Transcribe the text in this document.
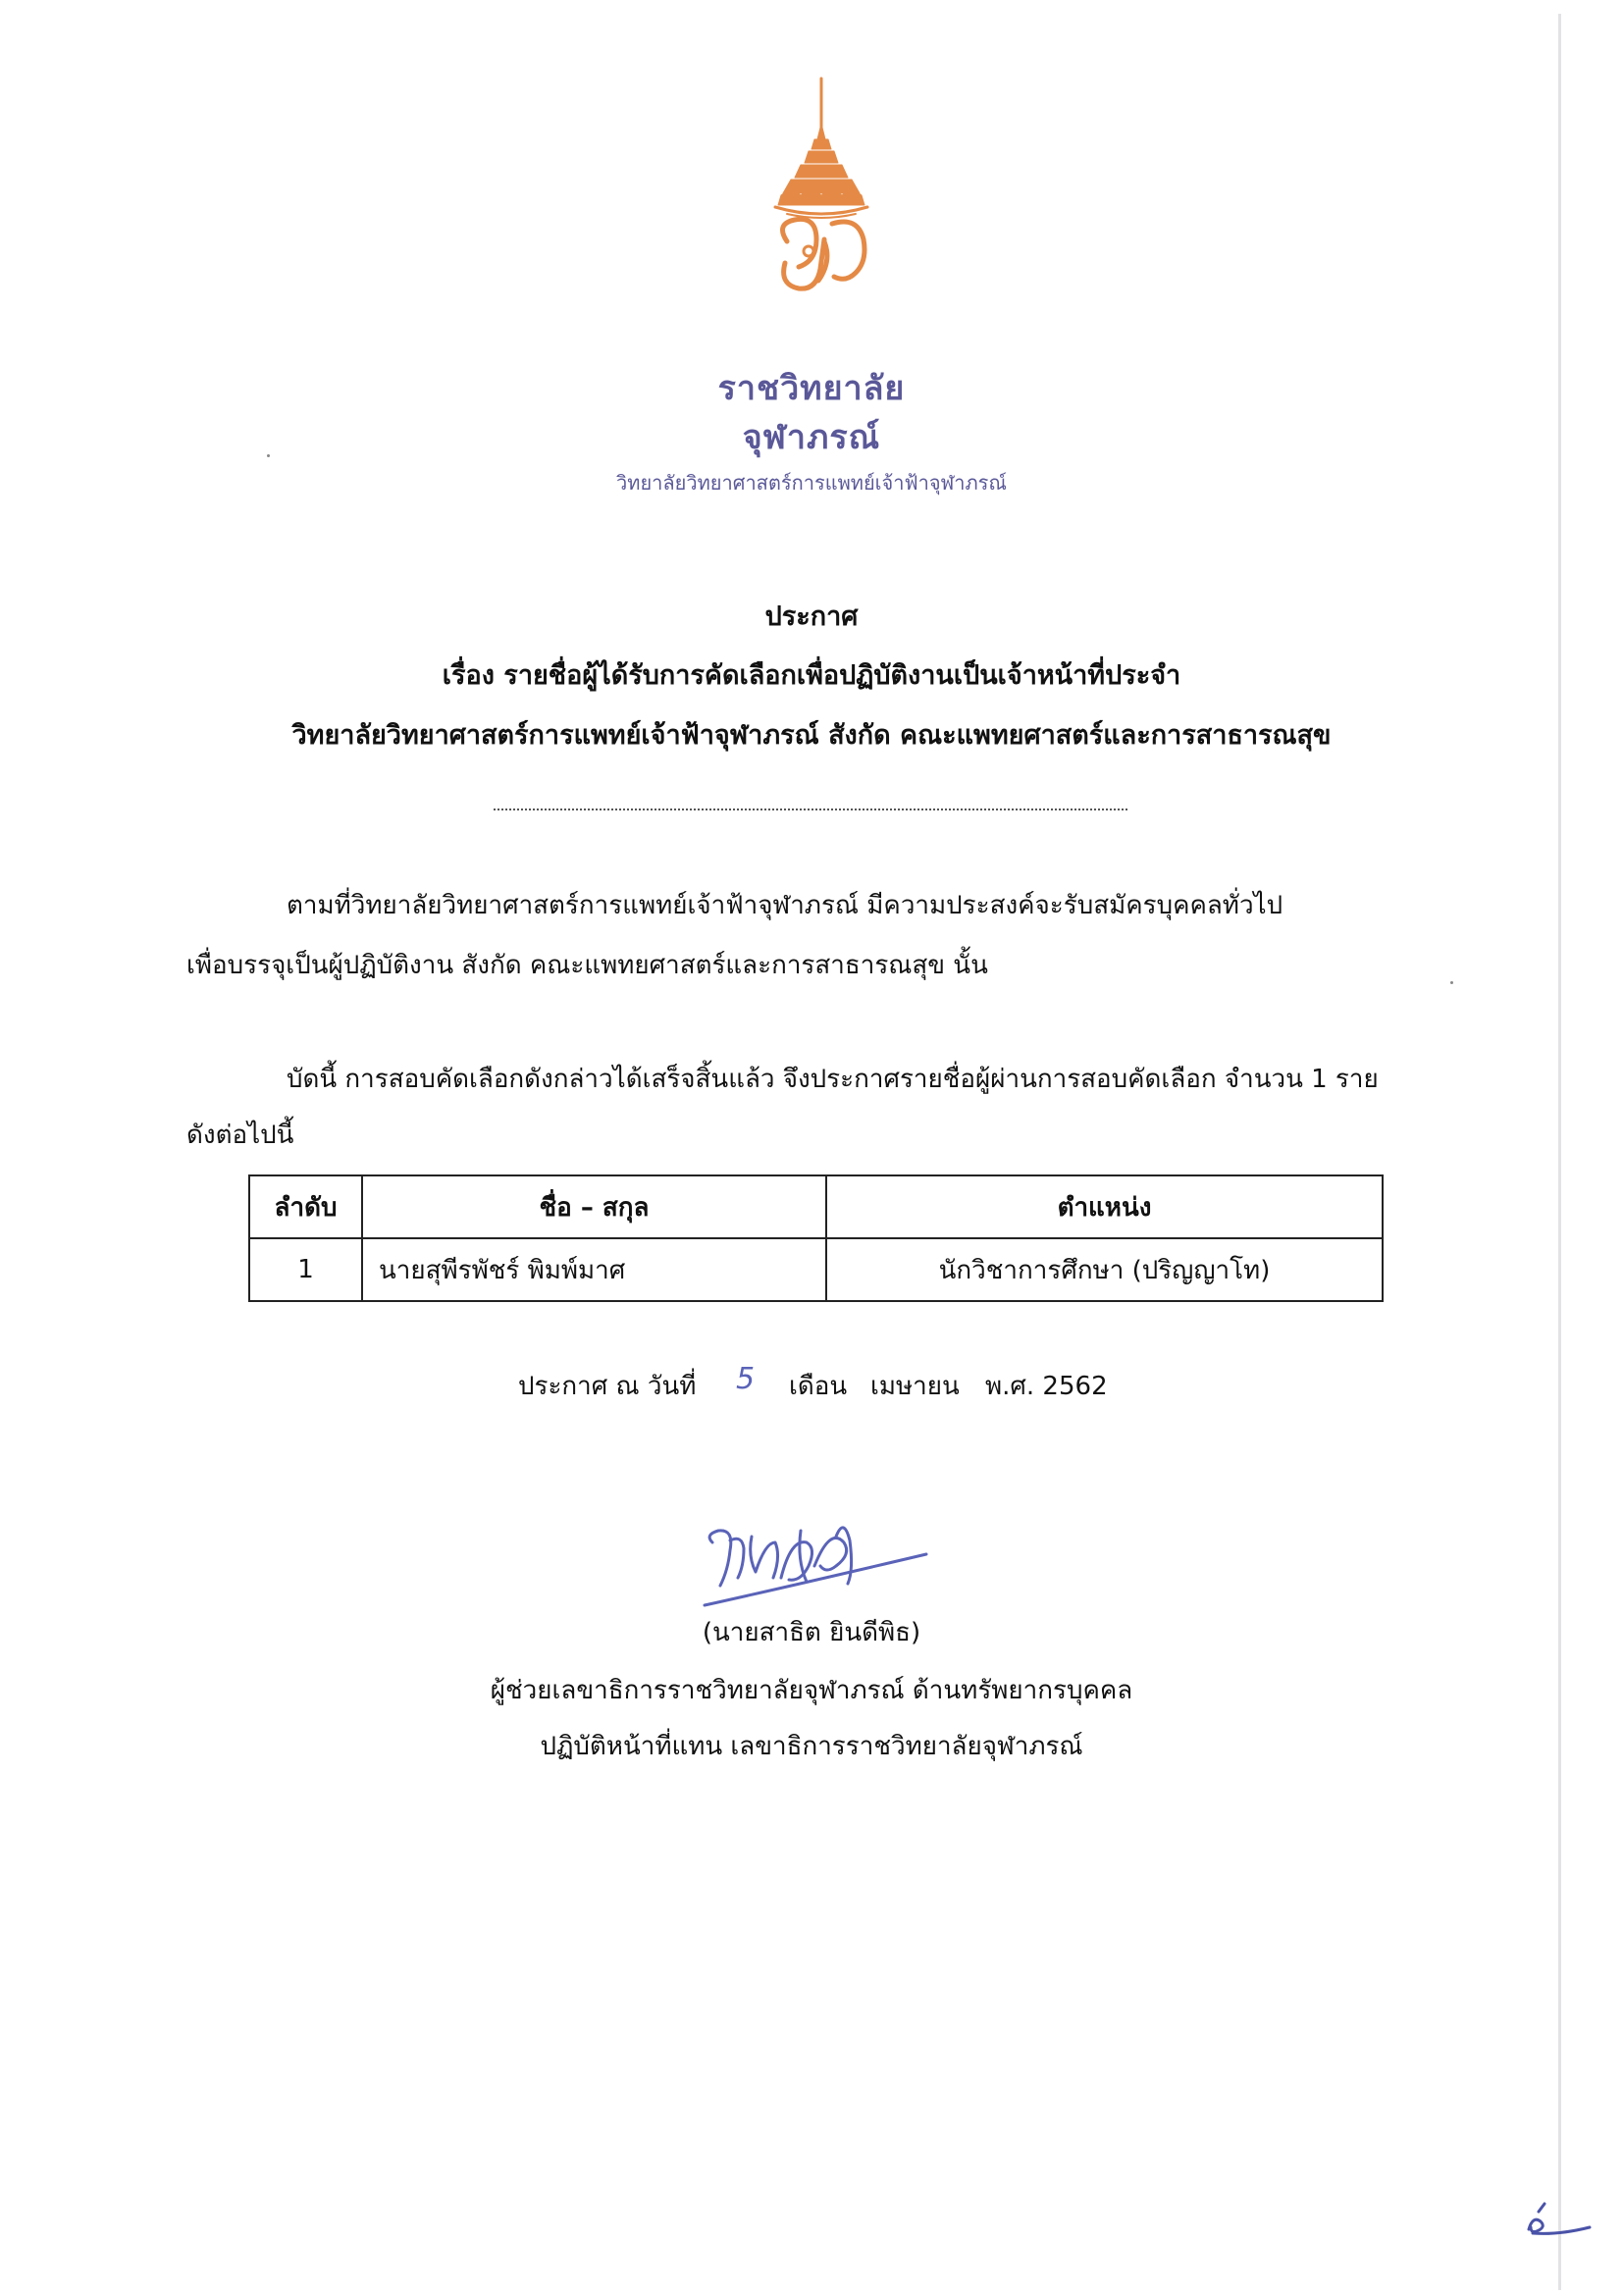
ราชวิทยาลัย
จุฬาภรณ์
วิทยาลัยวิทยาศาสตร์การแพทย์เจ้าฟ้าจุฬาภรณ์
ประกาศ
เรื่อง รายชื่อผู้ได้รับการคัดเลือกเพื่อปฏิบัติงานเป็นเจ้าหน้าที่ประจำ
วิทยาลัยวิทยาศาสตร์การแพทย์เจ้าฟ้าจุฬาภรณ์ สังกัด คณะแพทยศาสตร์และการสาธารณสุข
ตามที่วิทยาลัยวิทยาศาสตร์การแพทย์เจ้าฟ้าจุฬาภรณ์ มีความประสงค์จะรับสมัครบุคคลทั่วไป
เพื่อบรรจุเป็นผู้ปฏิบัติงาน สังกัด คณะแพทยศาสตร์และการสาธารณสุข นั้น
บัดนี้ การสอบคัดเลือกดังกล่าวได้เสร็จสิ้นแล้ว จึงประกาศรายชื่อผู้ผ่านการสอบคัดเลือก จำนวน 1 ราย
ดังต่อไปนี้
ลำดับ	ชื่อ – สกุล	ตำแหน่ง
1	นายสุพีรพัชร์ พิมพ์มาศ	นักวิชาการศึกษา (ปริญญาโท)
ประกาศ ณ วันที่ 5 เดือน เมษายน พ.ศ. 2562
(นายสาธิต ยินดีพิธ)
ผู้ช่วยเลขาธิการราชวิทยาลัยจุฬาภรณ์ ด้านทรัพยากรบุคคล
ปฏิบัติหน้าที่แทน เลขาธิการราชวิทยาลัยจุฬาภรณ์
